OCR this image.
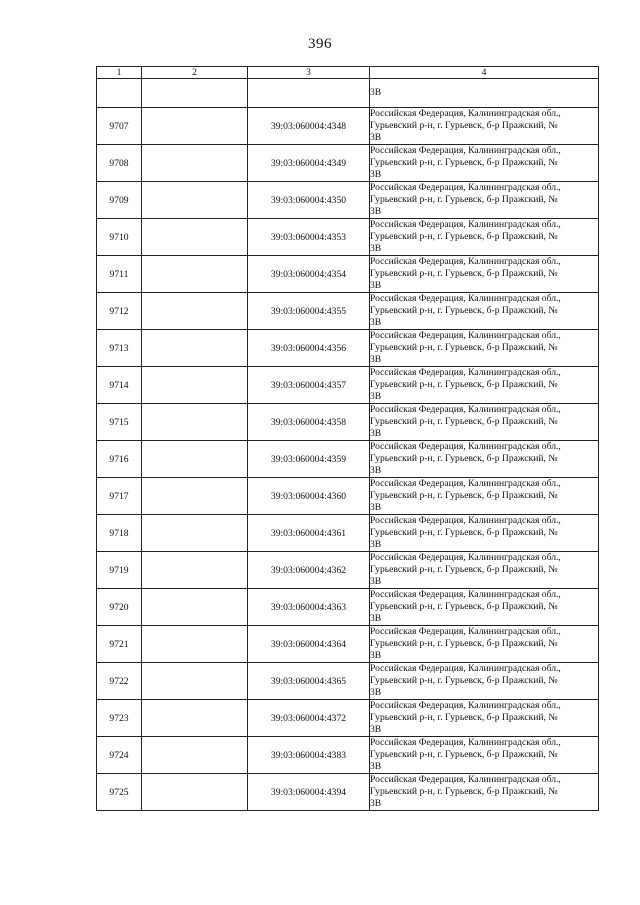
396
1	2	3	4

			3В

9707		39:03:060004:4348	Российская Федерация, Калининградская обл.,
Гурьевский р-н, г. Гурьевск, б-р Пражский, №
3В

9708		39:03:060004:4349	Российская Федерация, Калининградская обл.,
Гурьевский р-н, г. Гурьевск, б-р Пражский, №
3В

9709		39:03:060004:4350	Российская Федерация, Калининградская обл.,
Гурьевский р-н, г. Гурьевск, б-р Пражский, №
3В

9710		39:03:060004:4353	Российская Федерация, Калининградская обл.,
Гурьевский р-н, г. Гурьевск, б-р Пражский, №
3В

9711		39:03:060004:4354	Российская Федерация, Калининградская обл.,
Гурьевский р-н, г. Гурьевск, б-р Пражский, №
3В

9712		39:03:060004:4355	Российская Федерация, Калининградская обл.,
Гурьевский р-н, г. Гурьевск, б-р Пражский, №
3В

9713		39:03:060004:4356	Российская Федерация, Калининградская обл.,
Гурьевский р-н, г. Гурьевск, б-р Пражский, №
3В

9714		39:03:060004:4357	Российская Федерация, Калининградская обл.,
Гурьевский р-н, г. Гурьевск, б-р Пражский, №
3В

9715		39:03:060004:4358	Российская Федерация, Калининградская обл.,
Гурьевский р-н, г. Гурьевск, б-р Пражский, №
3В

9716		39:03:060004:4359	Российская Федерация, Калининградская обл.,
Гурьевский р-н, г. Гурьевск, б-р Пражский, №
3В

9717		39:03:060004:4360	Российская Федерация, Калининградская обл.,
Гурьевский р-н, г. Гурьевск, б-р Пражский, №
3В

9718		39:03:060004:4361	Российская Федерация, Калининградская обл.,
Гурьевский р-н, г. Гурьевск, б-р Пражский, №
3В

9719		39:03:060004:4362	Российская Федерация, Калининградская обл.,
Гурьевский р-н, г. Гурьевск, б-р Пражский, №
3В

9720		39:03:060004:4363	Российская Федерация, Калининградская обл.,
Гурьевский р-н, г. Гурьевск, б-р Пражский, №
3В

9721		39:03:060004:4364	Российская Федерация, Калининградская обл.,
Гурьевский р-н, г. Гурьевск, б-р Пражский, №
3В

9722		39:03:060004:4365	Российская Федерация, Калининградская обл.,
Гурьевский р-н, г. Гурьевск, б-р Пражский, №
3В

9723		39:03:060004:4372	Российская Федерация, Калининградская обл.,
Гурьевский р-н, г. Гурьевск, б-р Пражский, №
3В

9724		39:03:060004:4383	Российская Федерация, Калининградская обл.,
Гурьевский р-н, г. Гурьевск, б-р Пражский, №
3В

9725		39:03:060004:4394	Российская Федерация, Калининградская обл.,
Гурьевский р-н, г. Гурьевск, б-р Пражский, №
3В
